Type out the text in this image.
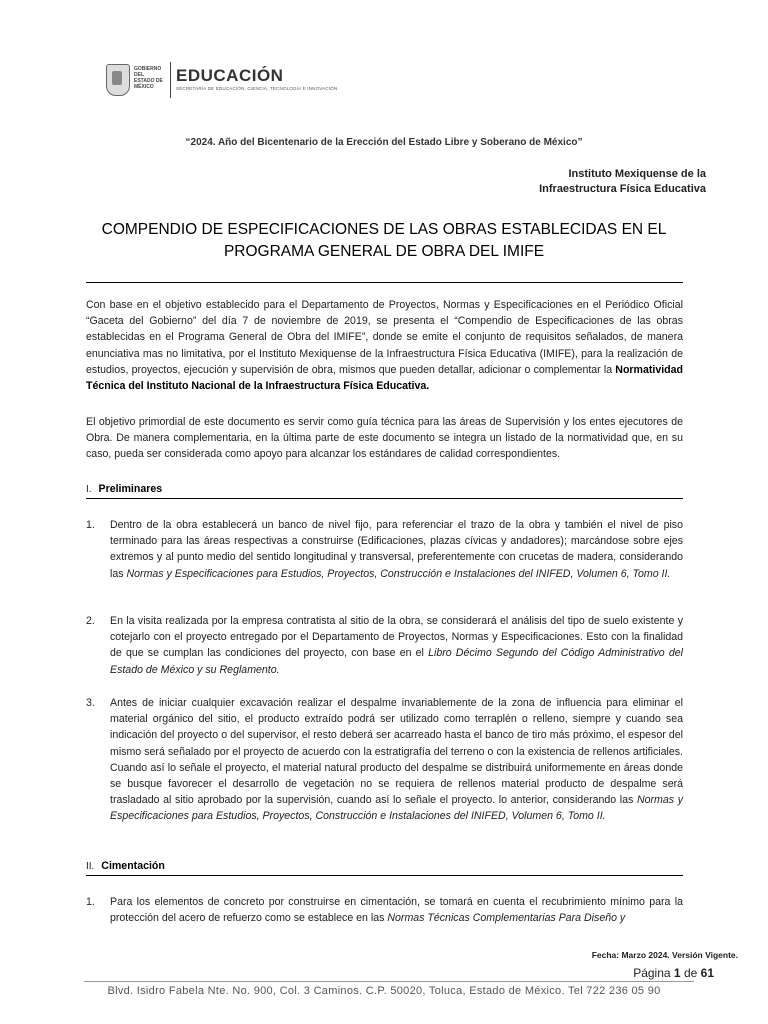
GOBIERNO DEL ESTADO DE MÉXICO
EDUCACIÓN
SECRETARÍA DE EDUCACIÓN, CIENCIA, TECNOLOGÍA E INNOVACIÓN
“2024. Año del Bicentenario de la Erección del Estado Libre y Soberano de México”
Instituto Mexiquense de la
Infraestructura Física Educativa
COMPENDIO DE ESPECIFICACIONES DE LAS OBRAS ESTABLECIDAS EN EL
PROGRAMA GENERAL DE OBRA DEL IMIFE
Con base en el objetivo establecido para el Departamento de Proyectos, Normas y Especificaciones en el Periódico Oficial “Gaceta del Gobierno” del día 7 de noviembre de 2019, se presenta el “Compendio de Especificaciones de las obras establecidas en el Programa General de Obra del IMIFE”, donde se emite el conjunto de requisitos señalados, de manera enunciativa mas no limitativa, por el Instituto Mexiquense de la Infraestructura Física Educativa (IMIFE), para la realización de estudios, proyectos, ejecución y supervisión de obra, mismos que pueden detallar, adicionar o complementar la Normatividad Técnica del Instituto Nacional de la Infraestructura Física Educativa.
El objetivo primordial de este documento es servir como guía técnica para las áreas de Supervisión y los entes ejecutores de Obra. De manera complementaria, en la última parte de este documento se integra un listado de la normatividad que, en su caso, pueda ser considerada como apoyo para alcanzar los estándares de calidad correspondientes.
I. Preliminares
1. Dentro de la obra establecerá un banco de nivel fijo, para referenciar el trazo de la obra y también el nivel de piso terminado para las áreas respectivas a construirse (Edificaciones, plazas cívicas y andadores); marcándose sobre ejes extremos y al punto medio del sentido longitudinal y transversal, preferentemente con crucetas de madera, considerando las Normas y Especificaciones para Estudios, Proyectos, Construcción e Instalaciones del INIFED, Volumen 6, Tomo II.
2. En la visita realizada por la empresa contratista al sitio de la obra, se considerará el análisis del tipo de suelo existente y cotejarlo con el proyecto entregado por el Departamento de Proyectos, Normas y Especificaciones. Esto con la finalidad de que se cumplan las condiciones del proyecto, con base en el Libro Décimo Segundo del Código Administrativo del Estado de México y su Reglamento.
3. Antes de iniciar cualquier excavación realizar el despalme invariablemente de la zona de influencia para eliminar el material orgánico del sitio, el producto extraído podrá ser utilizado como terraplén o relleno, siempre y cuando sea indicación del proyecto o del supervisor, el resto deberá ser acarreado hasta el banco de tiro más próximo, el espesor del mismo será señalado por el proyecto de acuerdo con la estratigrafía del terreno o con la existencia de rellenos artificiales. Cuando así lo señale el proyecto, el material natural producto del despalme se distribuirá uniformemente en áreas donde se busque favorecer el desarrollo de vegetación no se requiera de rellenos material producto de despalme será trasladado al sitio aprobado por la supervisión, cuando así lo señale el proyecto. lo anterior, considerando las Normas y Especificaciones para Estudios, Proyectos, Construcción e Instalaciones del INIFED, Volumen 6, Tomo II.
II. Cimentación
1. Para los elementos de concreto por construirse en cimentación, se tomará en cuenta el recubrimiento mínimo para la protección del acero de refuerzo como se establece en las Normas Técnicas Complementarias Para Diseño y
Fecha: Marzo 2024. Versión Vigente.
Página 1 de 61
Blvd. Isidro Fabela Nte. No. 900, Col. 3 Caminos. C.P. 50020, Toluca, Estado de México. Tel 722 236 05 90
